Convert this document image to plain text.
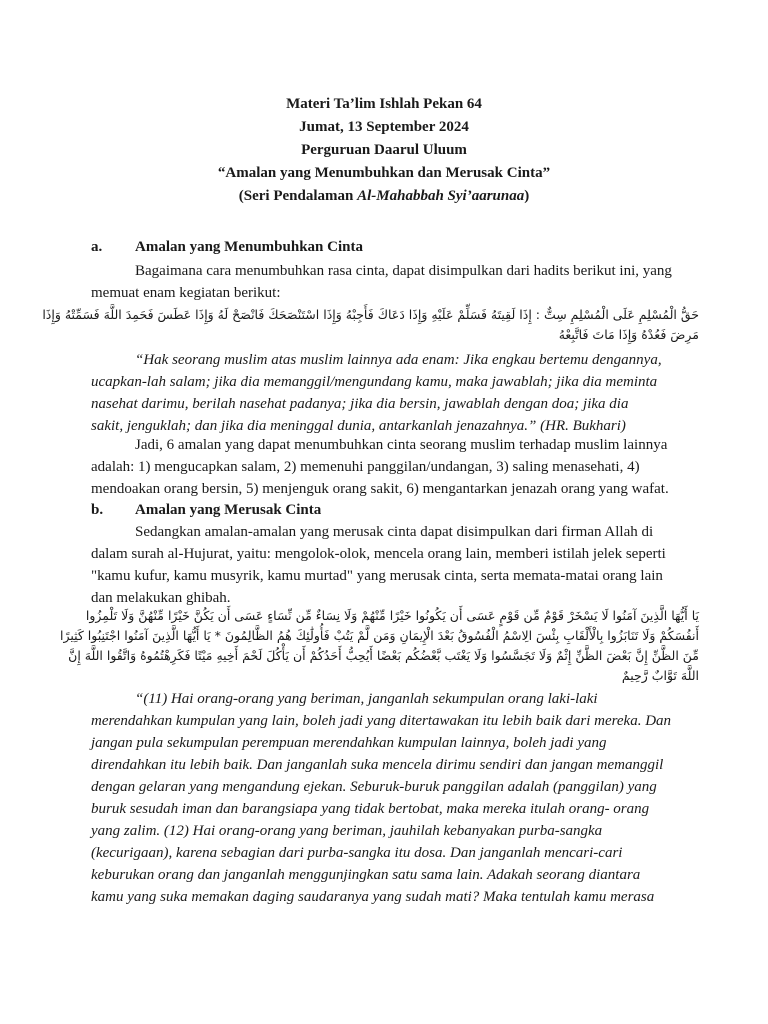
Materi Ta’lim Ishlah Pekan 64
Jumat, 13 September 2024
Perguruan Daarul Uluum
“Amalan yang Menumbuhkan dan Merusak Cinta”
(Seri Pendalaman Al-Mahabbah Syi’aarunaa)
a. Amalan yang Menumbuhkan Cinta
Bagaimana cara menumbuhkan rasa cinta, dapat disimpulkan dari hadits berikut ini, yang
memuat enam kegiatan berikut:
حَقُّ الْمُسْلِمِ عَلَى الْمُسْلِمِ سِتٌّ : إِذَا لَقِيتَهُ فَسَلِّمْ عَلَيْهِ وَإِذَا دَعَاكَ فَأَجِبْهُ وَإِذَا اسْتَنْصَحَكَ فَانْصَحْ لَهُ وَإِذَا عَطَسَ فَحَمِدَ اللَّهَ فَسَمِّتْهُ وَإِذَا
مَرِضَ فَعُدْهُ وَإِذَا مَاتَ فَاتَّبِعْهُ
“Hak seorang muslim atas muslim lainnya ada enam: Jika engkau bertemu dengannya,
ucapkan-lah salam; jika dia memanggil/mengundang kamu, maka jawablah; jika dia meminta
nasehat darimu, berilah nasehat padanya; jika dia bersin, jawablah dengan doa; jika dia
sakit, jenguklah; dan jika dia meninggal dunia, antarkanlah jenazahnya.” (HR. Bukhari)
Jadi, 6 amalan yang dapat menumbuhkan cinta seorang muslim terhadap muslim lainnya
adalah: 1) mengucapkan salam, 2) memenuhi panggilan/undangan, 3) saling menasehati, 4)
mendoakan orang bersin, 5) menjenguk orang sakit, 6) mengantarkan jenazah orang yang wafat.
b. Amalan yang Merusak Cinta
Sedangkan amalan-amalan yang merusak cinta dapat disimpulkan dari firman Allah di
dalam surah al-Hujurat, yaitu: mengolok-olok, mencela orang lain, memberi istilah jelek seperti
"kamu kufur, kamu musyrik, kamu murtad" yang merusak cinta, serta memata-matai orang lain
dan melakukan ghibah.
يَا أَيُّهَا الَّذِينَ آمَنُوا لَا يَسْخَرْ قَوْمٌ مِّن قَوْمٍ عَسَى أَن يَكُونُوا خَيْرًا مِّنْهُمْ وَلَا نِسَاءٌ مِّن نِّسَاءٍ عَسَى أَن يَكُنَّ خَيْرًا مِّنْهُنَّ وَلَا تَلْمِزُوا
أَنفُسَكُمْ وَلَا تَنَابَزُوا بِالْأَلْقَابِ بِئْسَ الِاسْمُ الْفُسُوقُ بَعْدَ الْإِيمَانِ وَمَن لَّمْ يَتُبْ فَأُولَٰئِكَ هُمُ الظَّالِمُونَ * يَا أَيُّهَا الَّذِينَ آمَنُوا اجْتَنِبُوا كَثِيرًا
مِّنَ الظَّنِّ إِنَّ بَعْضَ الظَّنِّ إِثْمٌ وَلَا تَجَسَّسُوا وَلَا يَغْتَب بَّعْضُكُم بَعْضًا أَيُحِبُّ أَحَدُكُمْ أَن يَأْكُلَ لَحْمَ أَخِيهِ مَيْتًا فَكَرِهْتُمُوهُ وَاتَّقُوا اللَّهَ إِنَّ
اللَّهَ تَوَّابٌ رَّحِيمٌ
“(11) Hai orang-orang yang beriman, janganlah sekumpulan orang laki-laki
merendahkan kumpulan yang lain, boleh jadi yang ditertawakan itu lebih baik dari mereka. Dan
jangan pula sekumpulan perempuan merendahkan kumpulan lainnya, boleh jadi yang
direndahkan itu lebih baik. Dan janganlah suka mencela dirimu sendiri dan jangan memanggil
dengan gelaran yang mengandung ejekan. Seburuk-buruk panggilan adalah (panggilan) yang
buruk sesudah iman dan barangsiapa yang tidak bertobat, maka mereka itulah orang- orang
yang zalim. (12) Hai orang-orang yang beriman, jauhilah kebanyakan purba-sangka
(kecurigaan), karena sebagian dari purba-sangka itu dosa. Dan janganlah mencari-cari
keburukan orang dan janganlah menggunjingkan satu sama lain. Adakah seorang diantara
kamu yang suka memakan daging saudaranya yang sudah mati? Maka tentulah kamu merasa
